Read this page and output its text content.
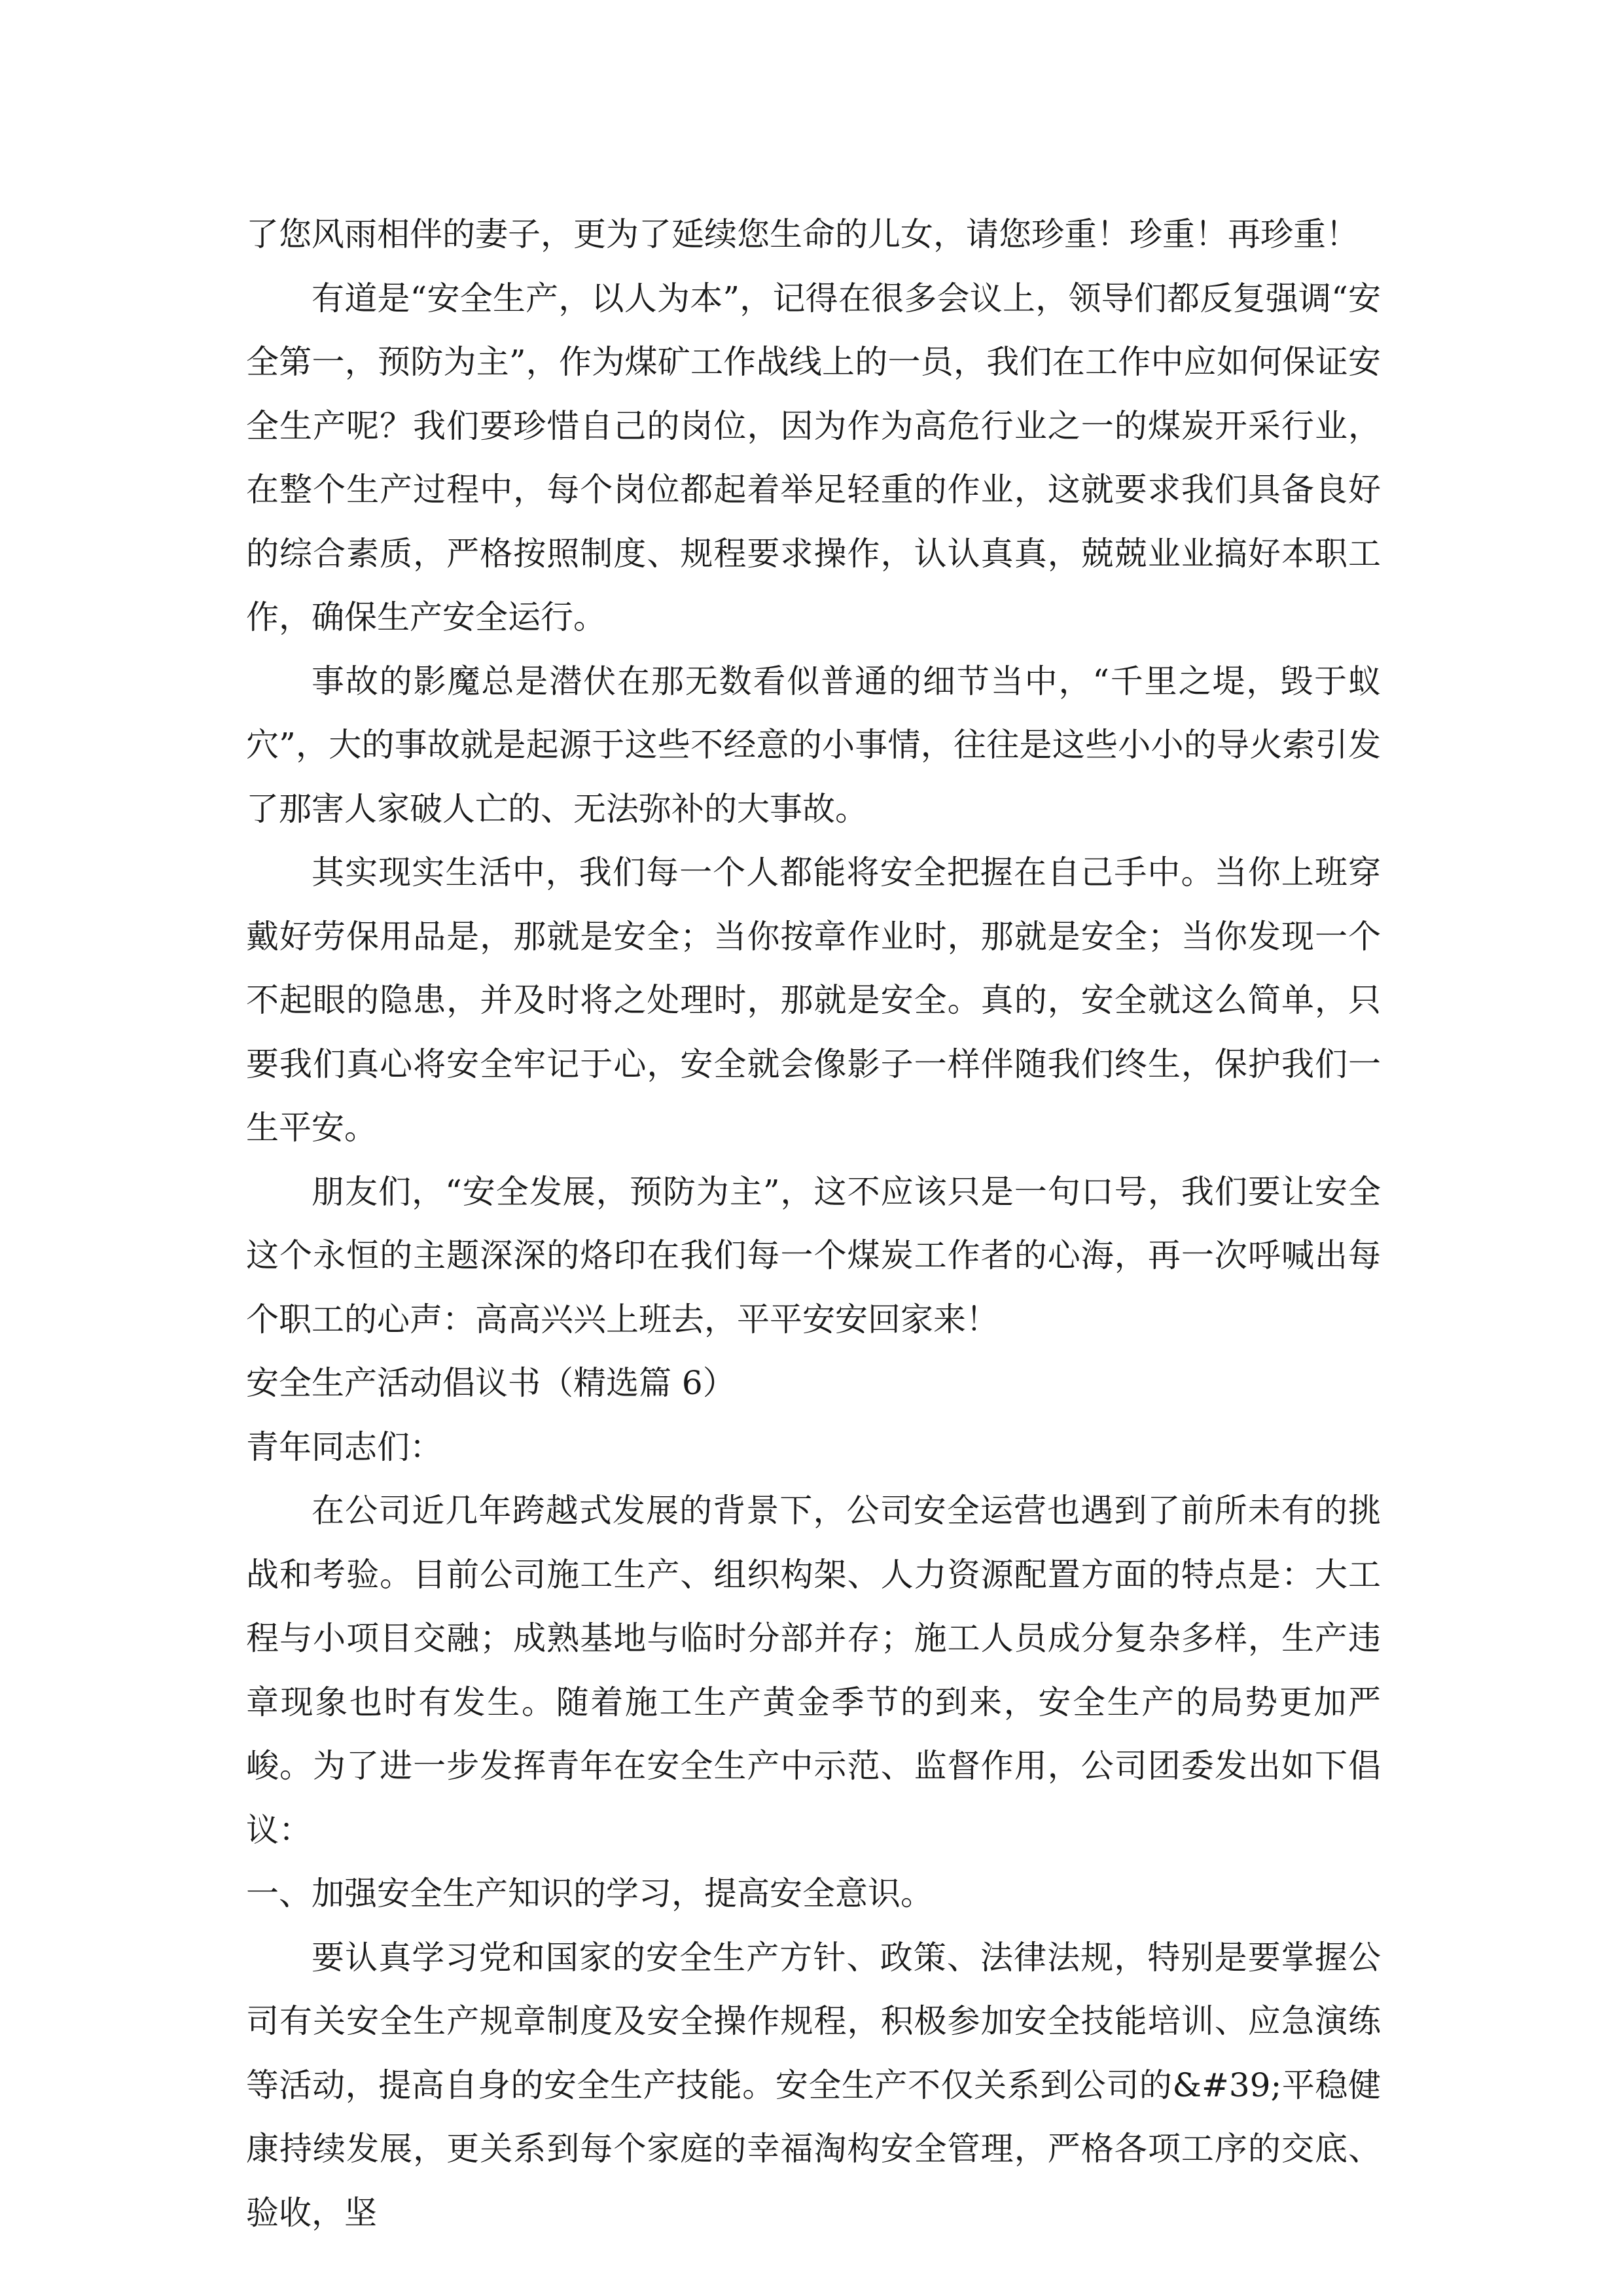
了您风雨相伴的妻子，更为了延续您生命的儿女，请您珍重！珍重！再珍重！

有道是“安全生产，以人为本”，记得在很多会议上，领导们都反复强调“安全第一，预防为主”，作为煤矿工作战线上的一员，我们在工作中应如何保证安全生产呢？我们要珍惜自己的岗位，因为作为高危行业之一的煤炭开采行业，在整个生产过程中，每个岗位都起着举足轻重的作业，这就要求我们具备良好的综合素质，严格按照制度、规程要求操作，认认真真，兢兢业业搞好本职工作，确保生产安全运行。

事故的影魔总是潜伏在那无数看似普通的细节当中，“千里之堤，毁于蚁穴”，大的事故就是起源于这些不经意的小事情，往往是这些小小的导火索引发了那害人家破人亡的、无法弥补的大事故。

其实现实生活中，我们每一个人都能将安全把握在自己手中。当你上班穿戴好劳保用品是，那就是安全；当你按章作业时，那就是安全；当你发现一个不起眼的隐患，并及时将之处理时，那就是安全。真的，安全就这么简单，只要我们真心将安全牢记于心，安全就会像影子一样伴随我们终生，保护我们一生平安。

朋友们，“安全发展，预防为主”，这不应该只是一句口号，我们要让安全这个永恒的主题深深的烙印在我们每一个煤炭工作者的心海，再一次呼喊出每个职工的心声：高高兴兴上班去，平平安安回家来！

安全生产活动倡议书（精选篇 6）

青年同志们：

在公司近几年跨越式发展的背景下，公司安全运营也遇到了前所未有的挑战和考验。目前公司施工生产、组织构架、人力资源配置方面的特点是：大工程与小项目交融；成熟基地与临时分部并存；施工人员成分复杂多样，生产违章现象也时有发生。随着施工生产黄金季节的到来，安全生产的局势更加严峻。为了进一步发挥青年在安全生产中示范、监督作用，公司团委发出如下倡议：

一、加强安全生产知识的学习，提高安全意识。

要认真学习党和国家的安全生产方针、政策、法律法规，特别是要掌握公司有关安全生产规章制度及安全操作规程，积极参加安全技能培训、应急演练等活动，提高自身的安全生产技能。安全生产不仅关系到公司的&#39;平稳健康持续发展，更关系到每个家庭的幸福淘构安全管理，严格各项工序的交底、验收，坚
